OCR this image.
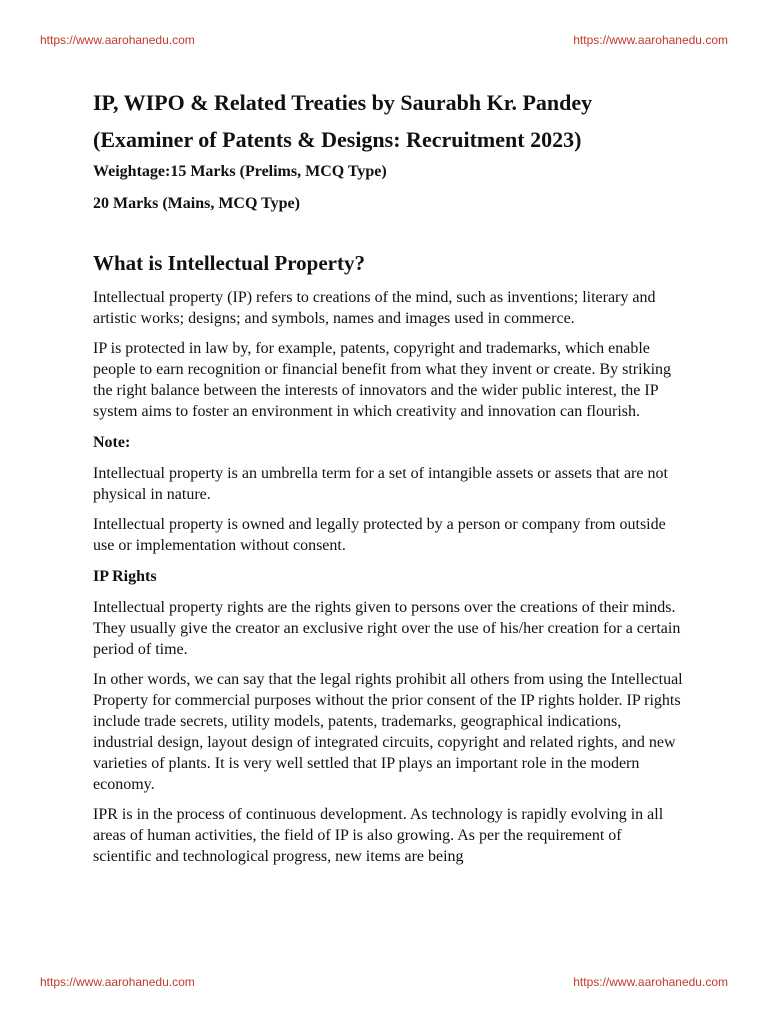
https://www.aarohanedu.com	https://www.aarohanedu.com
IP, WIPO & Related Treaties by Saurabh Kr. Pandey
(Examiner of Patents & Designs: Recruitment 2023)
Weightage:15 Marks (Prelims, MCQ Type)
20 Marks (Mains, MCQ Type)
What is Intellectual Property?

Intellectual property (IP) refers to creations of the mind, such as inventions; literary and artistic works; designs; and symbols, names and images used in commerce.

IP is protected in law by, for example, patents, copyright and trademarks, which enable people to earn recognition or financial benefit from what they invent or create. By striking the right balance between the interests of innovators and the wider public interest, the IP system aims to foster an environment in which creativity and innovation can flourish.

Note:

Intellectual property is an umbrella term for a set of intangible assets or assets that are not physical in nature.

Intellectual property is owned and legally protected by a person or company from outside use or implementation without consent.

IP Rights

Intellectual property rights are the rights given to persons over the creations of their minds. They usually give the creator an exclusive right over the use of his/her creation for a certain period of time.

In other words, we can say that the legal rights prohibit all others from using the Intellectual Property for commercial purposes without the prior consent of the IP rights holder. IP rights include trade secrets, utility models, patents, trademarks, geographical indications, industrial design, layout design of integrated circuits, copyright and related rights, and new varieties of plants. It is very well settled that IP plays an important role in the modern economy.

IPR is in the process of continuous development. As technology is rapidly evolving in all areas of human activities, the field of IP is also growing. As per the requirement of scientific and technological progress, new items are being

https://www.aarohanedu.com	https://www.aarohanedu.com
